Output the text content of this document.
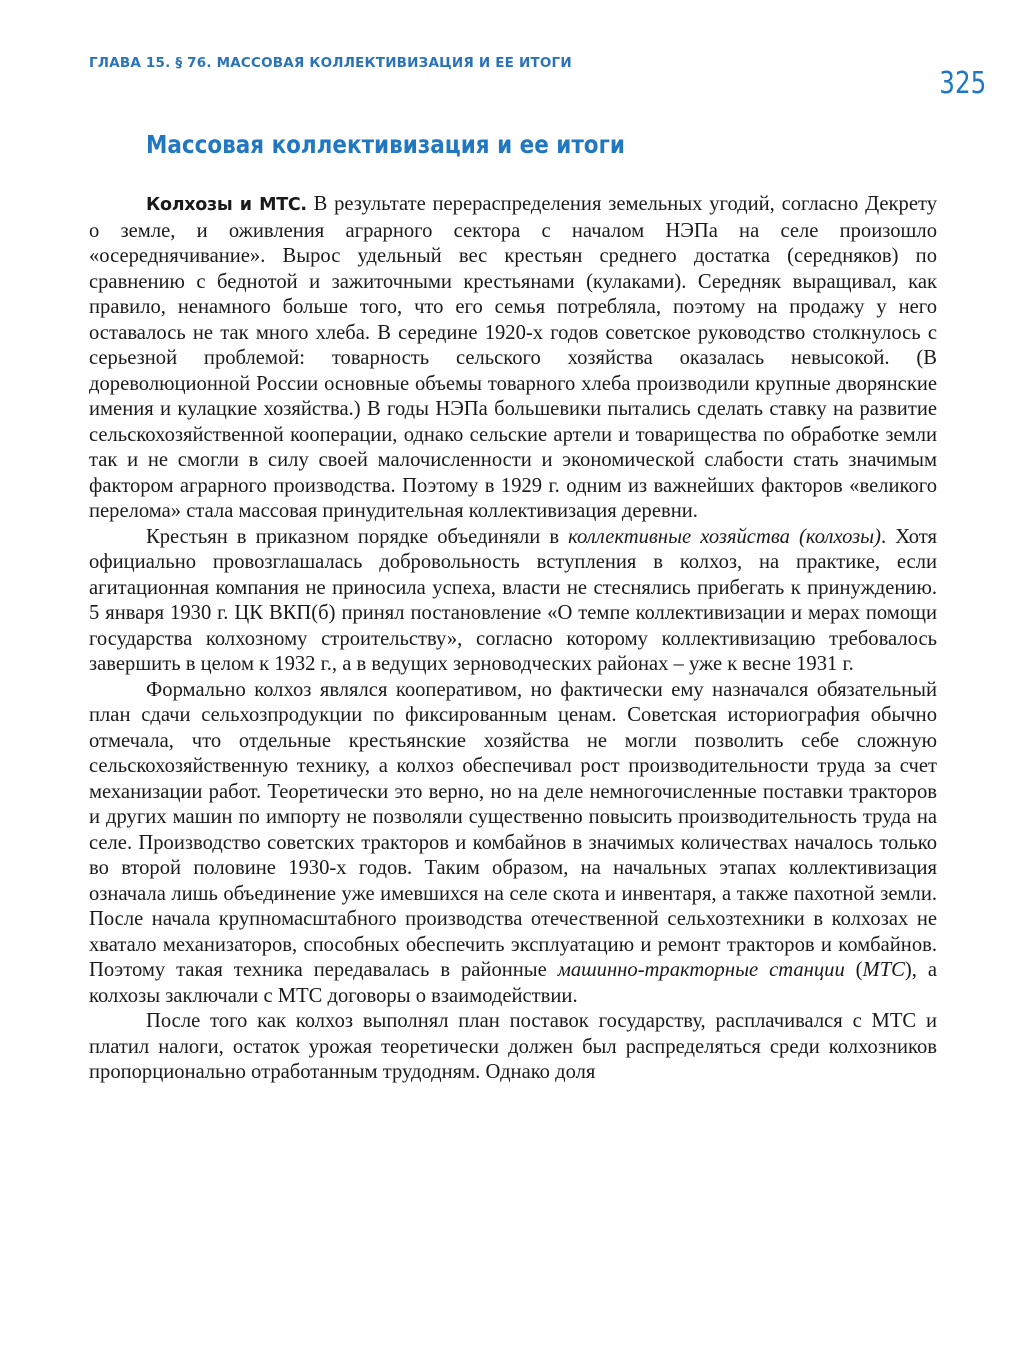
ГЛАВА 15. § 76. МАССОВАЯ КОЛЛЕКТИВИЗАЦИЯ И ЕЕ ИТОГИ
325
Массовая коллективизация и ее итоги

Колхозы и МТС. В результате перераспределения земельных угодий, согласно Декрету о земле, и оживления аграрного сектора с началом НЭПа на селе произошло «осереднячивание». Вырос удельный вес крестьян среднего достатка (середняков) по сравнению с беднотой и зажиточными крестьянами (кулаками). Середняк выращивал, как правило, ненамного больше того, что его семья потребляла, поэтому на продажу у него оставалось не так много хлеба. В середине 1920-х годов советское руководство столкнулось с серьезной проблемой: товарность сельского хозяйства оказалась невысокой. (В дореволюционной России основные объемы товарного хлеба производили крупные дворянские имения и кулацкие хозяйства.) В годы НЭПа большевики пытались сделать ставку на развитие сельскохозяйственной кооперации, однако сельские артели и товарищества по обработке земли так и не смогли в силу своей малочисленности и экономической слабости стать значимым фактором аграрного производства. Поэтому в 1929 г. одним из важнейших факторов «великого перелома» стала массовая принудительная коллективизация деревни.

Крестьян в приказном порядке объединяли в коллективные хозяйства (колхозы). Хотя официально провозглашалась добровольность вступления в колхоз, на практике, если агитационная компания не приносила успеха, власти не стеснялись прибегать к принуждению. 5 января 1930 г. ЦК ВКП(б) принял постановление «О темпе коллективизации и мерах помощи государства колхозному строительству», согласно которому коллективизацию требовалось завершить в целом к 1932 г., а в ведущих зерноводческих районах – уже к весне 1931 г.

Формально колхоз являлся кооперативом, но фактически ему назначался обязательный план сдачи сельхозпродукции по фиксированным ценам. Советская историография обычно отмечала, что отдельные крестьянские хозяйства не могли позволить себе сложную сельскохозяйственную технику, а колхоз обеспечивал рост производительности труда за счет механизации работ. Теоретически это верно, но на деле немногочисленные поставки тракторов и других машин по импорту не позволяли существенно повысить производительность труда на селе. Производство советских тракторов и комбайнов в значимых количествах началось только во второй половине 1930-х годов. Таким образом, на начальных этапах коллективизация означала лишь объединение уже имевшихся на селе скота и инвентаря, а также пахотной земли. После начала крупномасштабного производства отечественной сельхозтехники в колхозах не хватало механизаторов, способных обеспечить эксплуатацию и ремонт тракторов и комбайнов. Поэтому такая техника передавалась в районные машинно-тракторные станции (МТС), а колхозы заключали с МТС договоры о взаимодействии.

После того как колхоз выполнял план поставок государству, расплачивался с МТС и платил налоги, остаток урожая теоретически должен был распределяться среди колхозников пропорционально отработанным трудодням. Однако доля
